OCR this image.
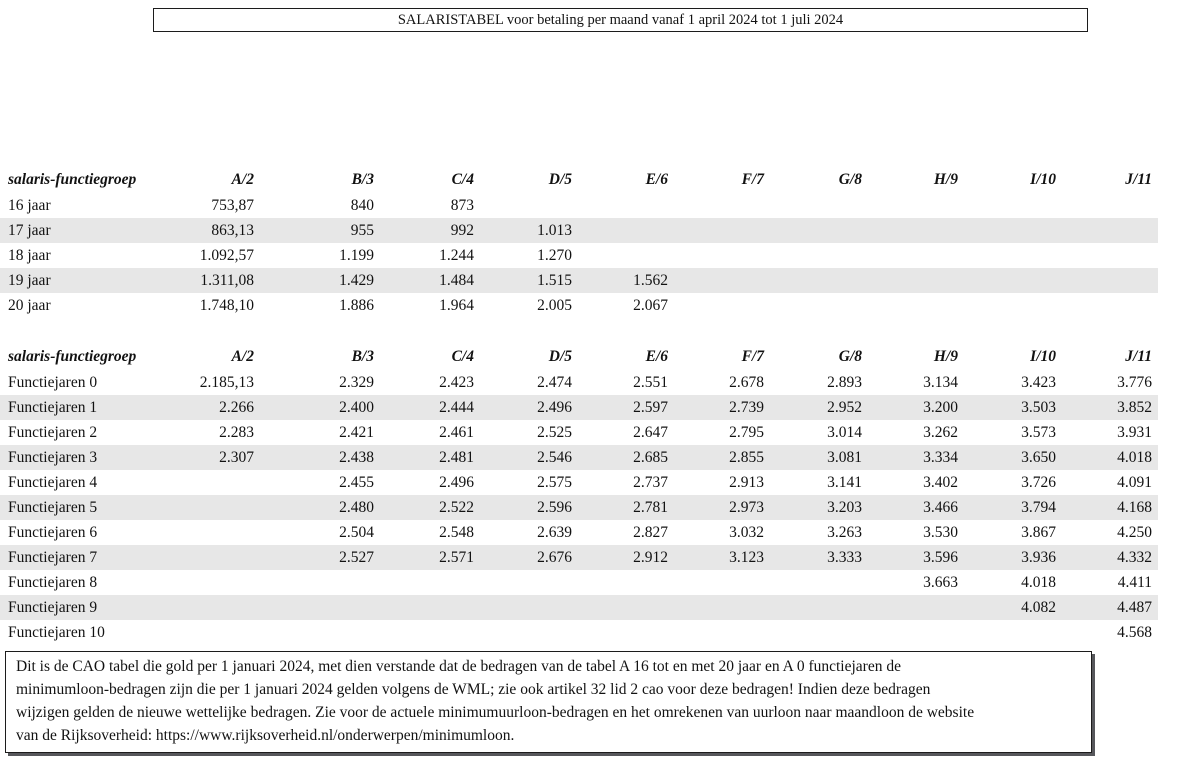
SALARISTABEL voor betaling per maand vanaf 1 april 2024 tot 1 juli 2024
salaris-functiegroep	A/2	B/3	C/4	D/5	E/6	F/7	G/8	H/9	I/10	J/11
16 jaar	753,87	840	873							
17 jaar	863,13	955	992	1.013						
18 jaar	1.092,57	1.199	1.244	1.270						
19 jaar	1.311,08	1.429	1.484	1.515	1.562					
20 jaar	1.748,10	1.886	1.964	2.005	2.067					
salaris-functiegroep	A/2	B/3	C/4	D/5	E/6	F/7	G/8	H/9	I/10	J/11
Functiejaren 0	2.185,13	2.329	2.423	2.474	2.551	2.678	2.893	3.134	3.423	3.776
Functiejaren 1	2.266	2.400	2.444	2.496	2.597	2.739	2.952	3.200	3.503	3.852
Functiejaren 2	2.283	2.421	2.461	2.525	2.647	2.795	3.014	3.262	3.573	3.931
Functiejaren 3	2.307	2.438	2.481	2.546	2.685	2.855	3.081	3.334	3.650	4.018
Functiejaren 4		2.455	2.496	2.575	2.737	2.913	3.141	3.402	3.726	4.091
Functiejaren 5		2.480	2.522	2.596	2.781	2.973	3.203	3.466	3.794	4.168
Functiejaren 6		2.504	2.548	2.639	2.827	3.032	3.263	3.530	3.867	4.250
Functiejaren 7		2.527	2.571	2.676	2.912	3.123	3.333	3.596	3.936	4.332
Functiejaren 8								3.663	4.018	4.411
Functiejaren 9									4.082	4.487
Functiejaren 10										4.568
Dit is de CAO tabel die gold per 1 januari 2024, met dien verstande dat de bedragen van de tabel A 16 tot en met 20 jaar en A 0 functiejaren de
minimumloon-bedragen zijn die per 1 januari 2024 gelden volgens de WML; zie ook artikel 32 lid 2 cao voor deze bedragen! Indien deze bedragen
wijzigen gelden de nieuwe wettelijke bedragen. Zie voor de actuele minimumuurloon-bedragen en het omrekenen van uurloon naar maandloon de website
van de Rijksoverheid: https://www.rijksoverheid.nl/onderwerpen/minimumloon.
